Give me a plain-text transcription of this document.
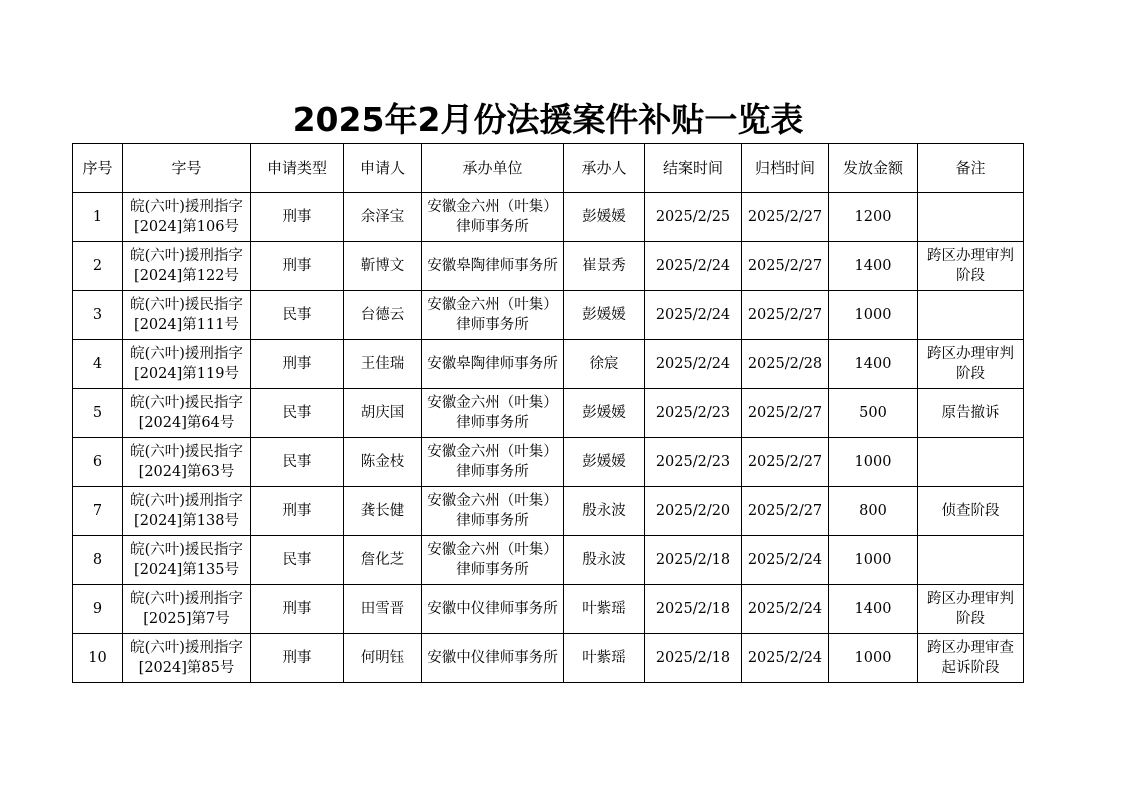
2025年2月份法援案件补贴一览表
序号	字号	申请类型	申请人	承办单位	承办人	结案时间	归档时间	发放金额	备注
1	皖(六叶)援刑指字[2024]第106号	刑事	余泽宝	安徽金六州（叶集）律师事务所	彭媛媛	2025/2/25	2025/2/27	1200	
2	皖(六叶)援刑指字[2024]第122号	刑事	靳博文	安徽皋陶律师事务所	崔景秀	2025/2/24	2025/2/27	1400	跨区办理审判阶段
3	皖(六叶)援民指字[2024]第111号	民事	台德云	安徽金六州（叶集）律师事务所	彭媛媛	2025/2/24	2025/2/27	1000	
4	皖(六叶)援刑指字[2024]第119号	刑事	王佳瑞	安徽皋陶律师事务所	徐宸	2025/2/24	2025/2/28	1400	跨区办理审判阶段
5	皖(六叶)援民指字[2024]第64号	民事	胡庆国	安徽金六州（叶集）律师事务所	彭媛媛	2025/2/23	2025/2/27	500	原告撤诉
6	皖(六叶)援民指字[2024]第63号	民事	陈金枝	安徽金六州（叶集）律师事务所	彭媛媛	2025/2/23	2025/2/27	1000	
7	皖(六叶)援刑指字[2024]第138号	刑事	龚长健	安徽金六州（叶集）律师事务所	殷永波	2025/2/20	2025/2/27	800	侦查阶段
8	皖(六叶)援民指字[2024]第135号	民事	詹化芝	安徽金六州（叶集）律师事务所	殷永波	2025/2/18	2025/2/24	1000	
9	皖(六叶)援刑指字[2025]第7号	刑事	田雪晋	安徽中仪律师事务所	叶紫瑶	2025/2/18	2025/2/24	1400	跨区办理审判阶段
10	皖(六叶)援刑指字[2024]第85号	刑事	何明钰	安徽中仪律师事务所	叶紫瑶	2025/2/18	2025/2/24	1000	跨区办理审查起诉阶段
